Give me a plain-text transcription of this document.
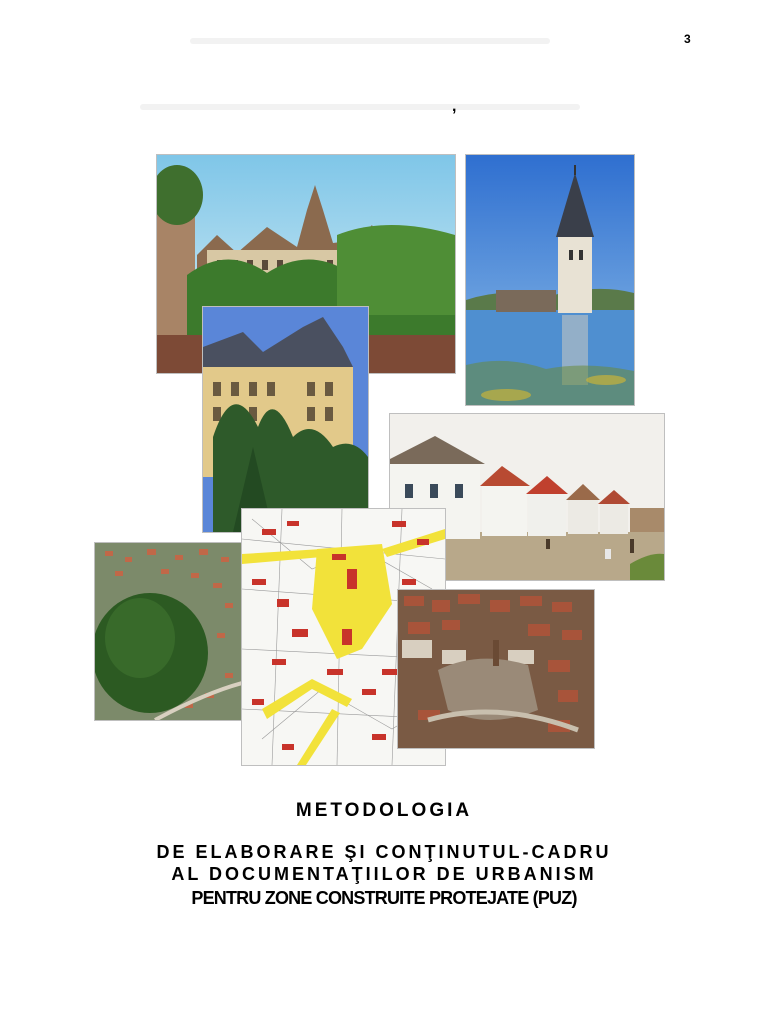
3
,
METODOLOGIA
DE ELABORARE ŞI CONŢINUTUL-CADRU
AL DOCUMENTAŢIILOR DE URBANISM
PENTRU ZONE CONSTRUITE PROTEJATE (PUZ)
